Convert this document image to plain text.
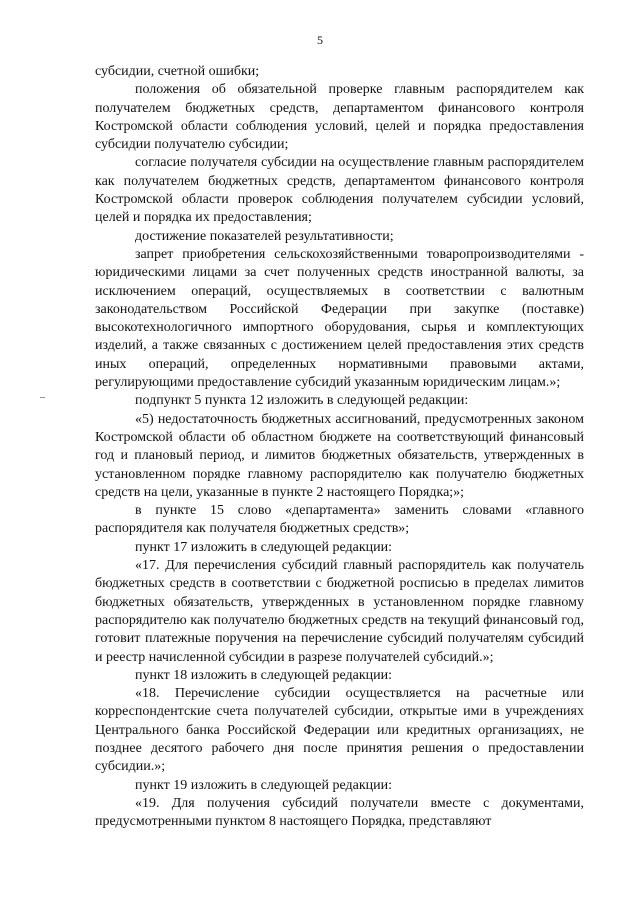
5
–

субсидии, счетной ошибки;

положения об обязательной проверке главным распорядителем как получателем бюджетных средств, департаментом финансового контроля Костромской области соблюдения условий, целей и порядка предоставления субсидии получателю субсидии;

согласие получателя субсидии на осуществление главным распорядителем как получателем бюджетных средств, департаментом финансового контроля Костромской области проверок соблюдения получателем субсидии условий, целей и порядка их предоставления;

достижение показателей результативности;

запрет приобретения сельскохозяйственными товаропроизводителями - юридическими лицами за счет полученных средств иностранной валюты, за исключением операций, осуществляемых в соответствии с валютным законодательством Российской Федерации при закупке (поставке) высокотехнологичного импортного оборудования, сырья и комплектующих изделий, а также связанных с достижением целей предоставления этих средств иных операций, определенных нормативными правовыми актами, регулирующими предоставление субсидий указанным юридическим лицам.»;

подпункт 5 пункта 12 изложить в следующей редакции:

«5) недостаточность бюджетных ассигнований, предусмотренных законом Костромской области об областном бюджете на соответствующий финансовый год и плановый период, и лимитов бюджетных обязательств, утвержденных в установленном порядке главному распорядителю как получателю бюджетных средств на цели, указанные в пункте 2 настоящего Порядка;»;

в пункте 15 слово «департамента» заменить словами «главного распорядителя как получателя бюджетных средств»;

пункт 17 изложить в следующей редакции:

«17. Для перечисления субсидий главный распорядитель как получатель бюджетных средств в соответствии с бюджетной росписью в пределах лимитов бюджетных обязательств, утвержденных в установленном порядке главному распорядителю как получателю бюджетных средств на текущий финансовый год, готовит платежные поручения на перечисление субсидий получателям субсидий и реестр начисленной субсидии в разрезе получателей субсидий.»;

пункт 18 изложить в следующей редакции:

«18. Перечисление субсидии осуществляется на расчетные или корреспондентские счета получателей субсидии, открытые ими в учреждениях Центрального банка Российской Федерации или кредитных организациях, не позднее десятого рабочего дня после принятия решения о предоставлении субсидии.»;

пункт 19 изложить в следующей редакции:

«19. Для получения субсидий получатели вместе с документами, предусмотренными пунктом 8 настоящего Порядка, представляют
